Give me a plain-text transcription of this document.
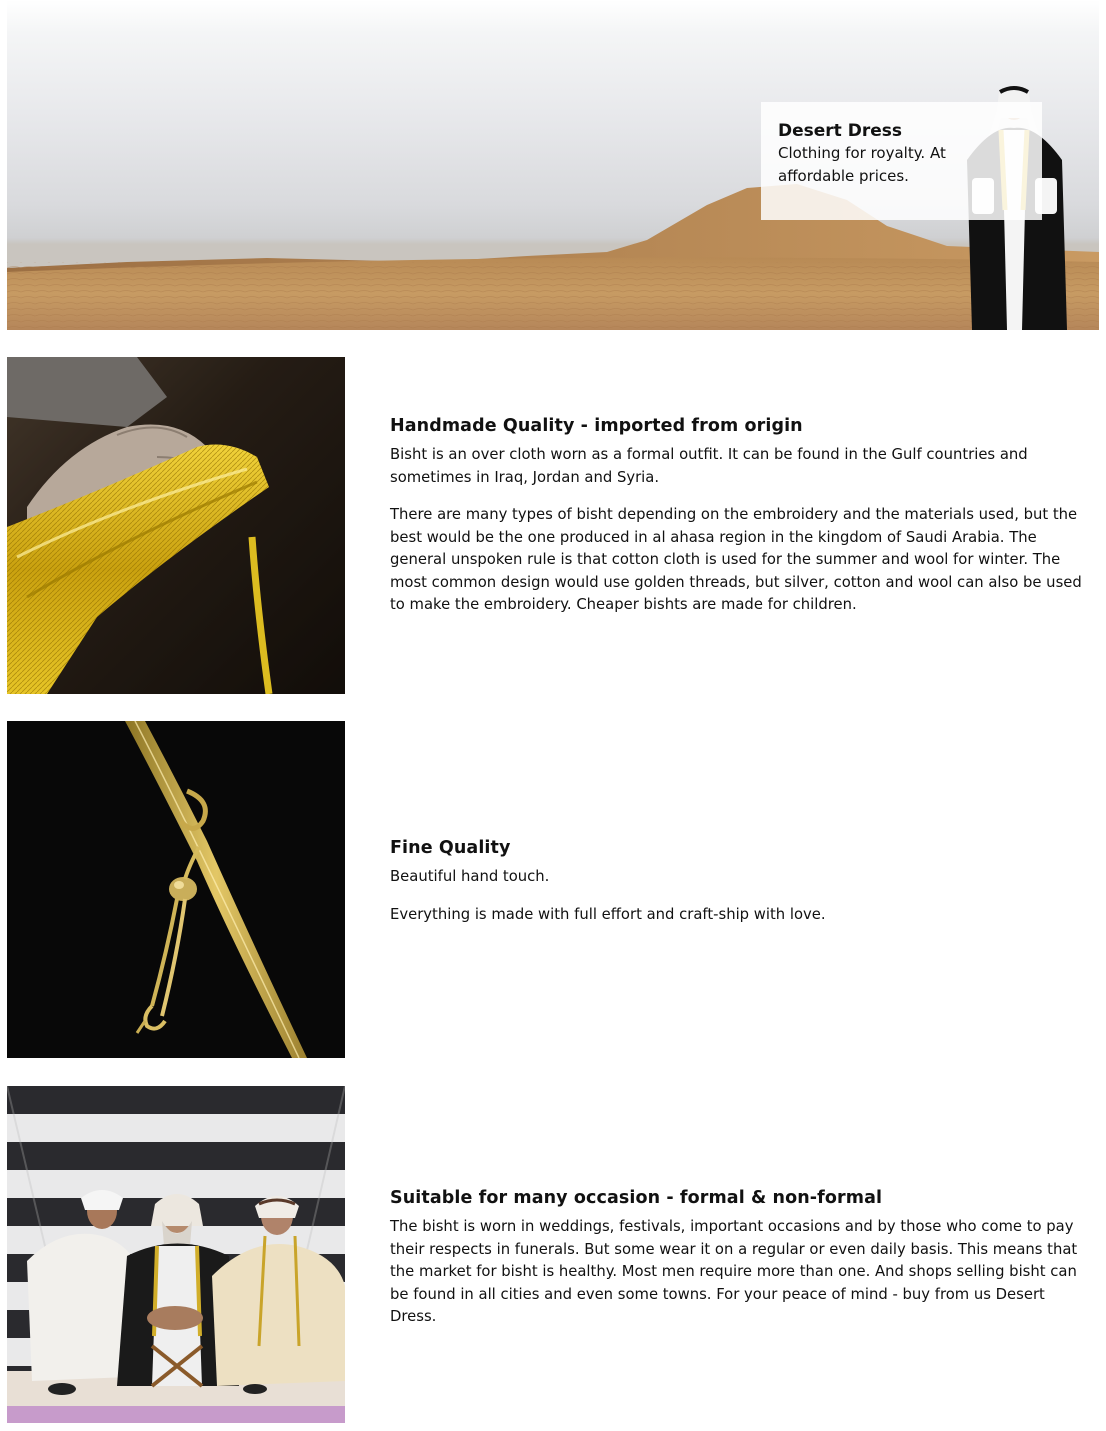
Desert Dress
Clothing for royalty. At affordable prices.
Handmade Quality - imported from origin

Bisht is an over cloth worn as a formal outfit. It can be found in the Gulf countries and sometimes in Iraq, Jordan and Syria.

There are many types of bisht depending on the embroidery and the materials used, but the best would be the one produced in al ahasa region in the kingdom of Saudi Arabia. The general unspoken rule is that cotton cloth is used for the summer and wool for winter. The most common design would use golden threads, but silver, cotton and wool can also be used to make the embroidery. Cheaper bishts are made for children.

Fine Quality

Beautiful hand touch.

Everything is made with full effort and craft-ship with love.

Suitable for many occasion - formal & non-formal

The bisht is worn in weddings, festivals, important occasions and by those who come to pay their respects in funerals. But some wear it on a regular or even daily basis. This means that the market for bisht is healthy. Most men require more than one. And shops selling bisht can be found in all cities and even some towns. For your peace of mind - buy from us Desert Dress.
